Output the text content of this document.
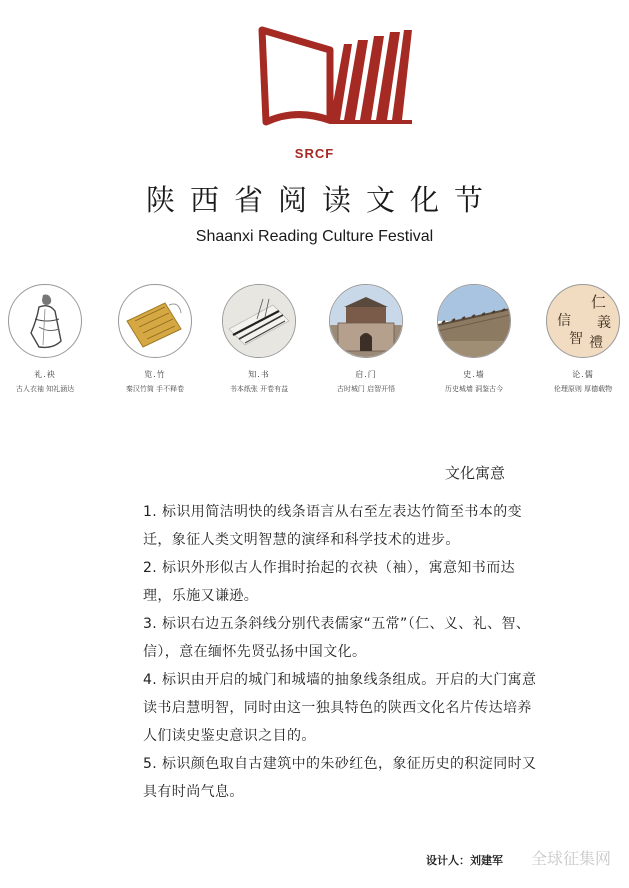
SRCF
陕西省阅读文化节
Shaanxi Reading Culture Festival
礼.袂
古人衣袖 知礼涵达
览.竹
秦汉竹简 手不释卷
知.书
书本纸张 开卷有益
启.门
古时城门 启智开悟
史.墙
历史城墙 洞鉴古今
仁
義
禮
智
信
论.儒
伦理原则 厚德载物
文化寓意

1. 标识用简洁明快的线条语言从右至左表达竹简至书本的变迁，象征人类文明智慧的演绎和科学技术的进步。

2. 标识外形似古人作揖时抬起的衣袂（袖），寓意知书而达理，乐施又谦逊。

3. 标识右边五条斜线分别代表儒家“五常”（仁、义、礼、智、信），意在缅怀先贤弘扬中国文化。

4. 标识由开启的城门和城墙的抽象线条组成。开启的大门寓意读书启慧明智，同时由这一独具特色的陕西文化名片传达培养人们读史鉴史意识之目的。

5. 标识颜色取自古建筑中的朱砂红色，象征历史的积淀同时又具有时尚气息。

设计人：刘建军 全球征集网
